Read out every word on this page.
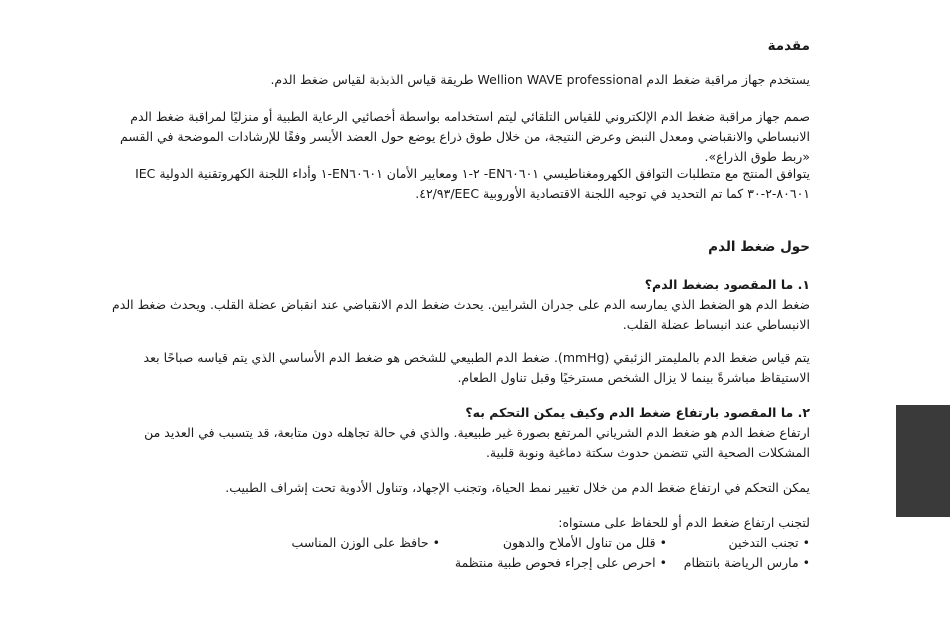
مقدمة

يستخدم جهاز مراقبة ضغط الدم Wellion WAVE professional طريقة قياس الذبذبة لقياس ضغط الدم.

صمم جهاز مراقبة ضغط الدم الإلكتروني للقياس التلقائي ليتم استخدامه بواسطة أخصائيي الرعاية الطبية أو منزليًا لمراقبة ضغط الدم الانبساطي والانقباضي ومعدل النبض وعرض النتيجة، من خلال طوق ذراع يوضع حول العضد الأيسر وفقًا للإرشادات الموضحة في القسم «ربط طوق الذراع».

يتوافق المنتج مع متطلبات التوافق الكهرومغناطيسي EN٦٠٦٠١- ٢-١ ومعايير الأمان EN٦٠٦٠١-١ وأداء اللجنة الكهروتقنية الدولية IEC ٨٠٦٠١-٢-٣٠ كما تم التحديد في توجيه اللجنة الاقتصادية الأوروبية EEC/٤٢/٩٣.

حول ضغط الدم

١. ما المقصود بضغط الدم؟

ضغط الدم هو الضغط الذي يمارسه الدم على جدران الشرايين. يحدث ضغط الدم الانقباضي عند انقباض عضلة القلب. ويحدث ضغط الدم الانبساطي عند انبساط عضلة القلب.

يتم قياس ضغط الدم بالمليمتر الزئبقي (mmHg). ضغط الدم الطبيعي للشخص هو ضغط الدم الأساسي الذي يتم قياسه صباحًا بعد الاستيقاظ مباشرةً بينما لا يزال الشخص مسترخيًا وقبل تناول الطعام.

٢. ما المقصود بارتفاع ضغط الدم وكيف يمكن التحكم به؟

ارتفاع ضغط الدم هو ضغط الدم الشرياني المرتفع بصورة غير طبيعية. والذي في حالة تجاهله دون متابعة، قد يتسبب في العديد من المشكلات الصحية التي تتضمن حدوث سكتة دماغية ونوبة قلبية.

يمكن التحكم في ارتفاع ضغط الدم من خلال تغيير نمط الحياة، وتجنب الإجهاد، وتناول الأدوية تحت إشراف الطبيب.

لتجنب ارتفاع ضغط الدم أو للحفاظ على مستواه:

• تجنب التدخين
• قلل من تناول الأملاح والدهون
• حافظ على الوزن المناسب
• مارس الرياضة بانتظام
• احرص على إجراء فحوص طبية منتظمة
